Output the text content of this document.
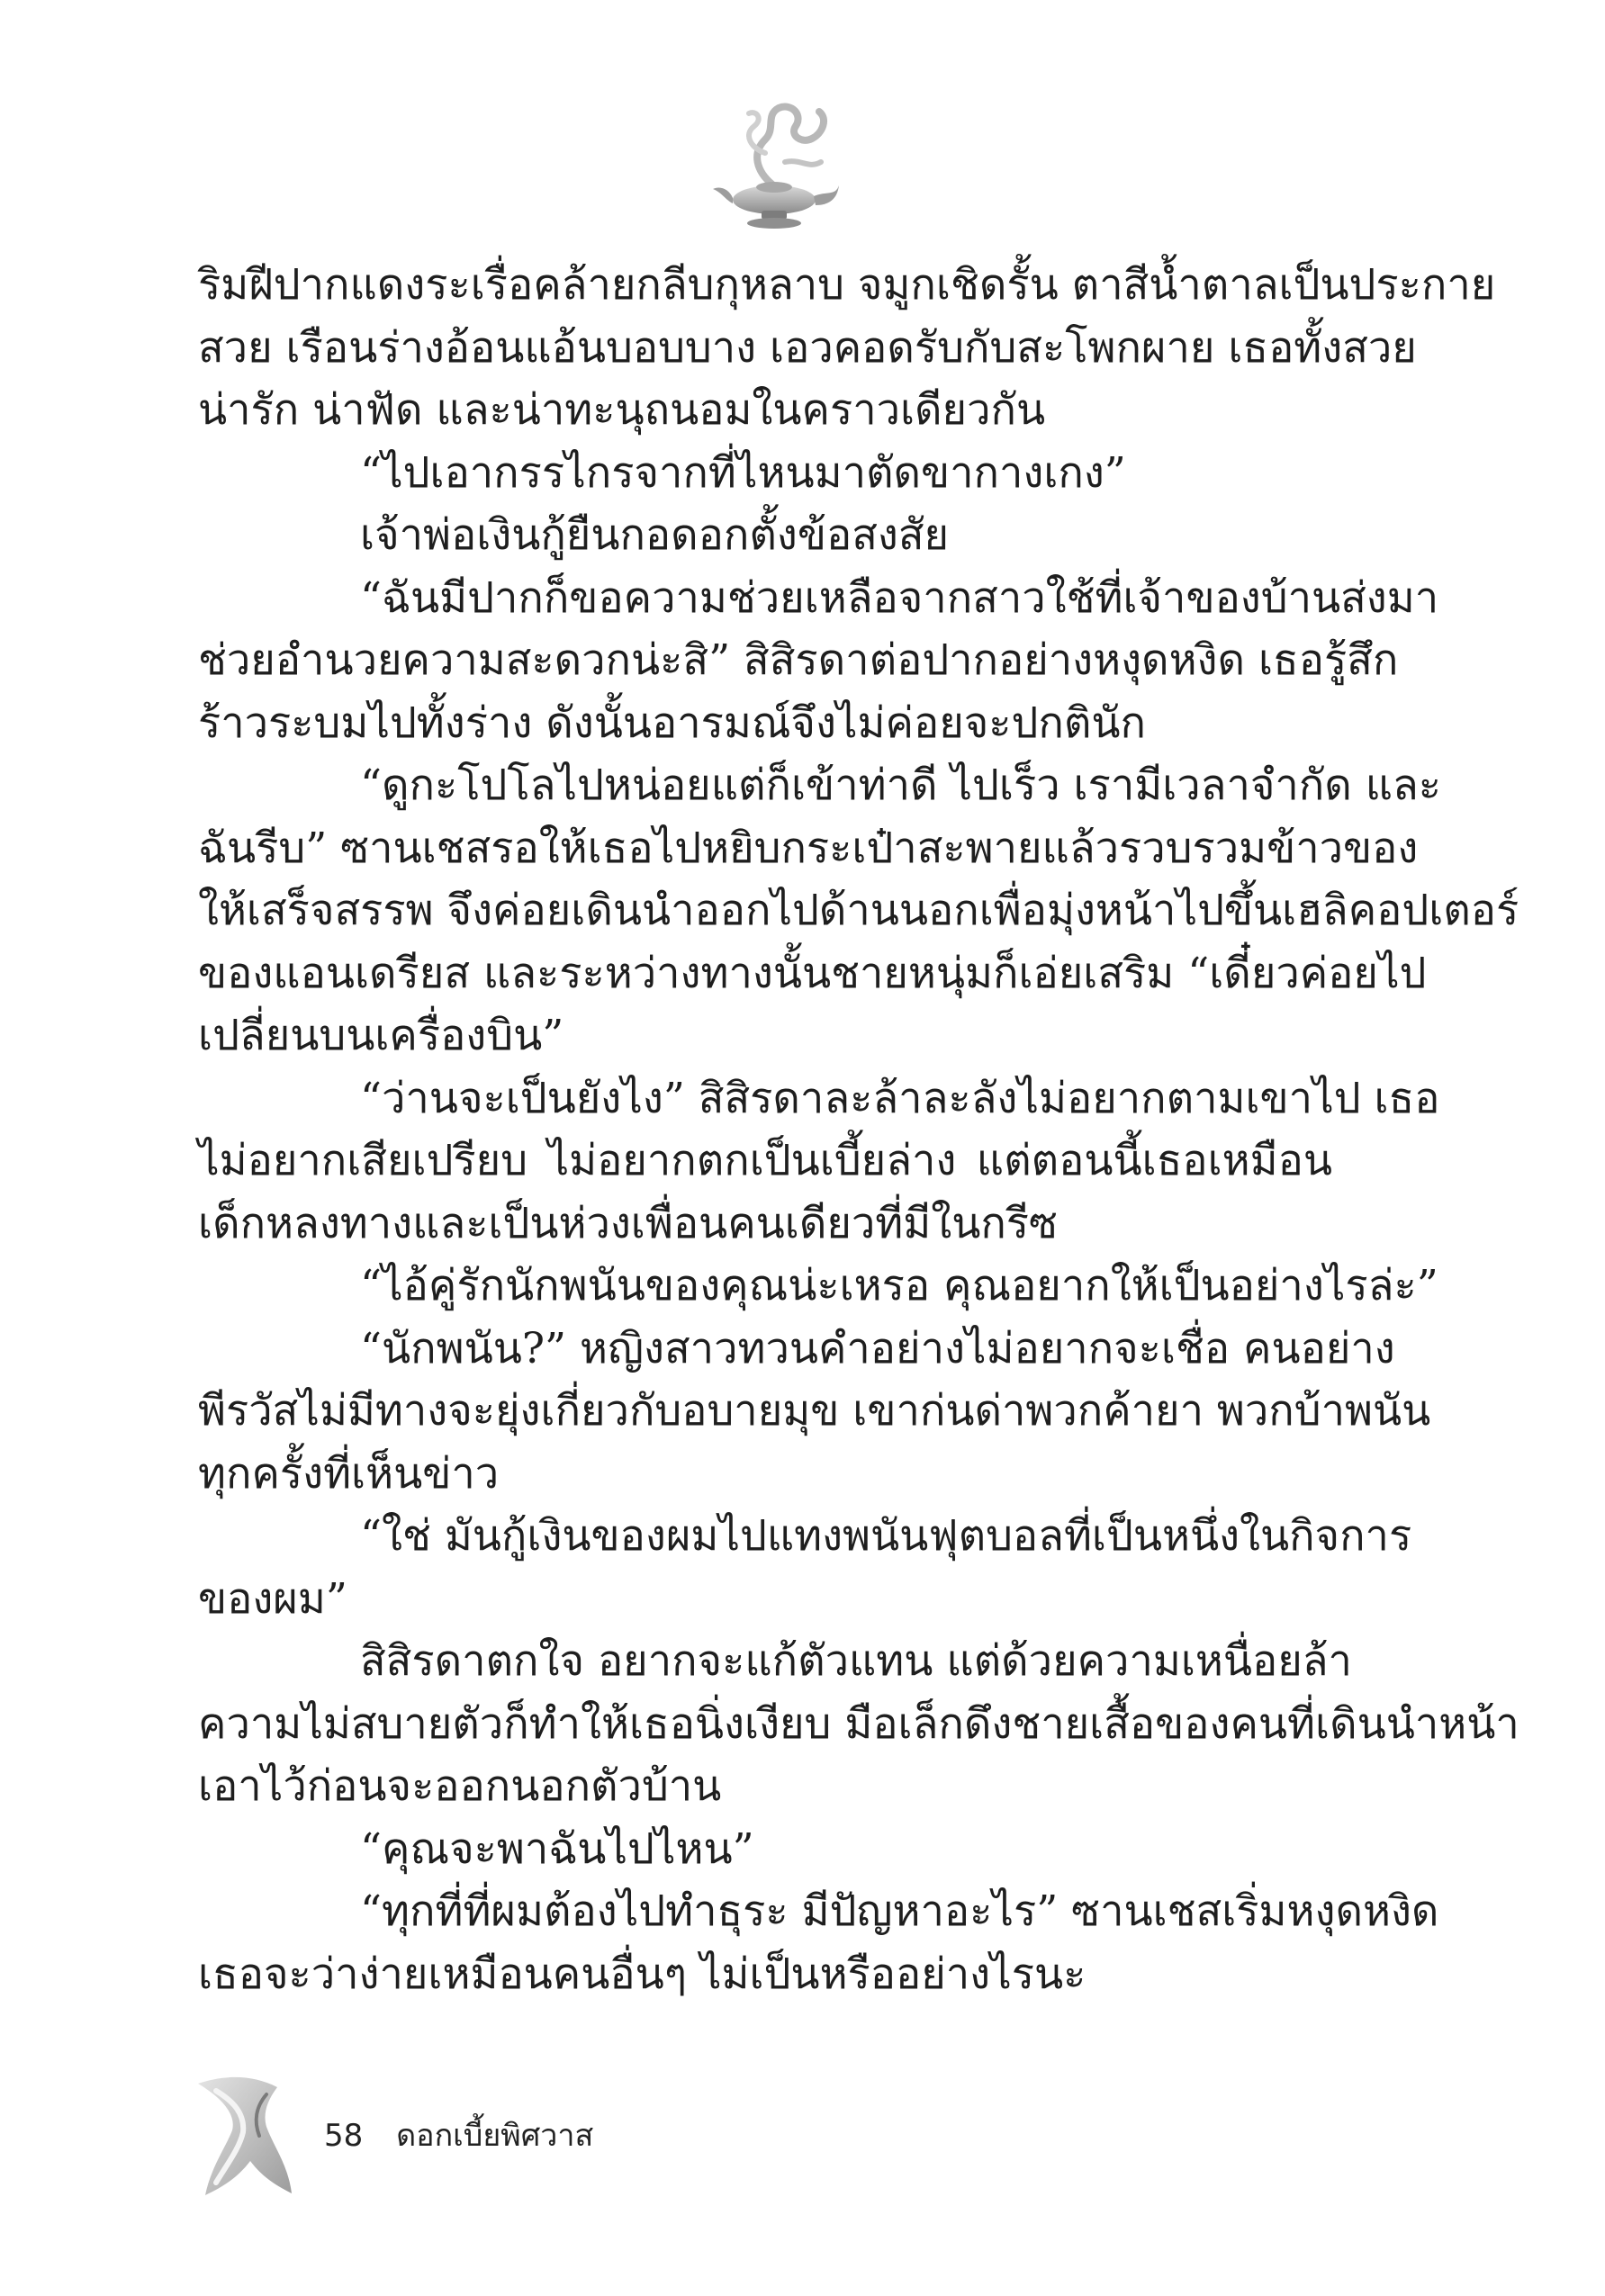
ริมฝีปากแดงระเรื่อคล้ายกลีบกุหลาบ จมูกเชิดรั้น ตาสีน้ำตาลเป็นประกาย
สวย เรือนร่างอ้อนแอ้นบอบบาง เอวคอดรับกับสะโพกผาย เธอทั้งสวย
น่ารัก น่าฟัด และน่าทะนุถนอมในคราวเดียวกัน
“ไปเอากรรไกรจากที่ไหนมาตัดขากางเกง”
เจ้าพ่อเงินกู้ยืนกอดอกตั้งข้อสงสัย
“ฉันมีปากก็ขอความช่วยเหลือจากสาวใช้ที่เจ้าของบ้านส่งมา
ช่วยอำนวยความสะดวกน่ะสิ” สิสิรดาต่อปากอย่างหงุดหงิด เธอรู้สึก
ร้าวระบมไปทั้งร่าง ดังนั้นอารมณ์จึงไม่ค่อยจะปกตินัก
“ดูกะโปโลไปหน่อยแต่ก็เข้าท่าดี ไปเร็ว เรามีเวลาจำกัด และ
ฉันรีบ” ซานเชสรอให้เธอไปหยิบกระเป๋าสะพายแล้วรวบรวมข้าวของ
ให้เสร็จสรรพ จึงค่อยเดินนำออกไปด้านนอกเพื่อมุ่งหน้าไปขึ้นเฮลิคอปเตอร์
ของแอนเดรียส และระหว่างทางนั้นชายหนุ่มก็เอ่ยเสริม “เดี๋ยวค่อยไป
เปลี่ยนบนเครื่องบิน”
“ว่านจะเป็นยังไง” สิสิรดาละล้าละลังไม่อยากตามเขาไป เธอ
ไม่อยากเสียเปรียบ ไม่อยากตกเป็นเบี้ยล่าง แต่ตอนนี้เธอเหมือน
เด็กหลงทางและเป็นห่วงเพื่อนคนเดียวที่มีในกรีซ
“ไอ้คู่รักนักพนันของคุณน่ะเหรอ คุณอยากให้เป็นอย่างไรล่ะ”
“นักพนัน?” หญิงสาวทวนคำอย่างไม่อยากจะเชื่อ คนอย่าง
พีรวัสไม่มีทางจะยุ่งเกี่ยวกับอบายมุข เขาก่นด่าพวกค้ายา พวกบ้าพนัน
ทุกครั้งที่เห็นข่าว
“ใช่ มันกู้เงินของผมไปแทงพนันฟุตบอลที่เป็นหนึ่งในกิจการ
ของผม”
สิสิรดาตกใจ อยากจะแก้ตัวแทน แต่ด้วยความเหนื่อยล้า
ความไม่สบายตัวก็ทำให้เธอนิ่งเงียบ มือเล็กดึงชายเสื้อของคนที่เดินนำหน้า
เอาไว้ก่อนจะออกนอกตัวบ้าน
“คุณจะพาฉันไปไหน”
“ทุกที่ที่ผมต้องไปทำธุระ มีปัญหาอะไร” ซานเชสเริ่มหงุดหงิด
เธอจะว่าง่ายเหมือนคนอื่นๆ ไม่เป็นหรืออย่างไรนะ
58 ดอกเบี้ยพิศวาส
